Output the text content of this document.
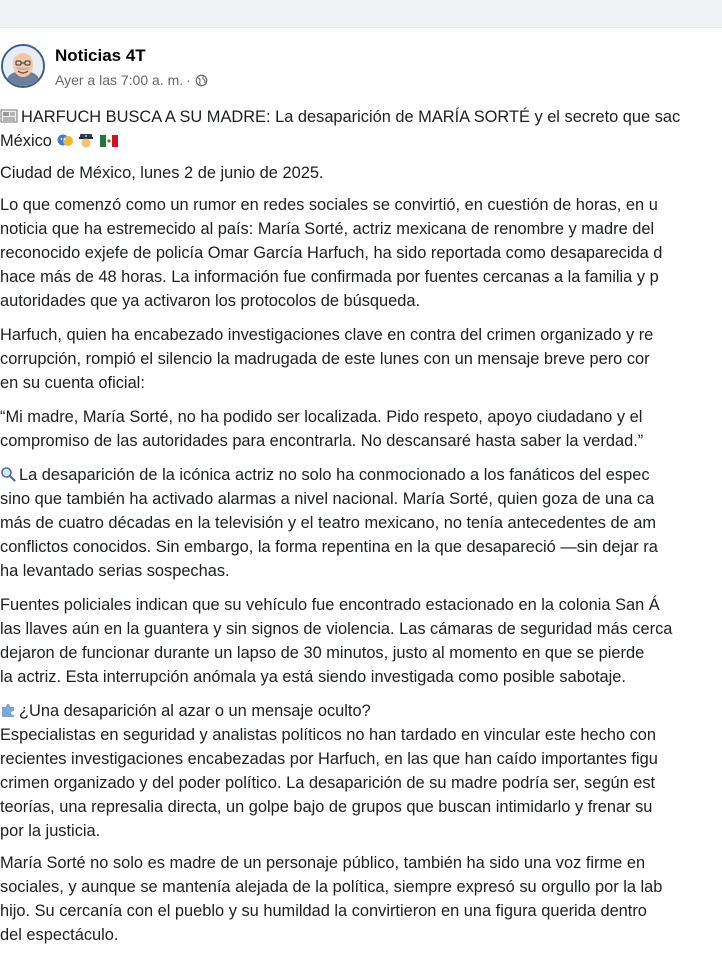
Noticias 4T
Ayer a las 7:00 a. m. ·
HARFUCH BUSCA A SU MADRE: La desaparición de MARÍA SORTÉ y el secreto que sac
México
Ciudad de México, lunes 2 de junio de 2025.
Lo que comenzó como un rumor en redes sociales se convirtió, en cuestión de horas, en u
noticia que ha estremecido al país: María Sorté, actriz mexicana de renombre y madre del
reconocido exjefe de policía Omar García Harfuch, ha sido reportada como desaparecida d
hace más de 48 horas. La información fue confirmada por fuentes cercanas a la familia y p
autoridades que ya activaron los protocolos de búsqueda.
Harfuch, quien ha encabezado investigaciones clave en contra del crimen organizado y re
corrupción, rompió el silencio la madrugada de este lunes con un mensaje breve pero cor
en su cuenta oficial:
“Mi madre, María Sorté, no ha podido ser localizada. Pido respeto, apoyo ciudadano y el
compromiso de las autoridades para encontrarla. No descansaré hasta saber la verdad.”
La desaparición de la icónica actriz no solo ha conmocionado a los fanáticos del espec
sino que también ha activado alarmas a nivel nacional. María Sorté, quien goza de una ca
más de cuatro décadas en la televisión y el teatro mexicano, no tenía antecedentes de am
conflictos conocidos. Sin embargo, la forma repentina en la que desapareció —sin dejar ra
ha levantado serias sospechas.
Fuentes policiales indican que su vehículo fue encontrado estacionado en la colonia San Á
las llaves aún en la guantera y sin signos de violencia. Las cámaras de seguridad más cerca
dejaron de funcionar durante un lapso de 30 minutos, justo al momento en que se pierde
la actriz. Esta interrupción anómala ya está siendo investigada como posible sabotaje.
¿Una desaparición al azar o un mensaje oculto?
Especialistas en seguridad y analistas políticos no han tardado en vincular este hecho con
recientes investigaciones encabezadas por Harfuch, en las que han caído importantes figu
crimen organizado y del poder político. La desaparición de su madre podría ser, según est
teorías, una represalia directa, un golpe bajo de grupos que buscan intimidarlo y frenar su
por la justicia.
María Sorté no solo es madre de un personaje público, también ha sido una voz firme en
sociales, y aunque se mantenía alejada de la política, siempre expresó su orgullo por la lab
hijo. Su cercanía con el pueblo y su humildad la convirtieron en una figura querida dentro
del espectáculo.
